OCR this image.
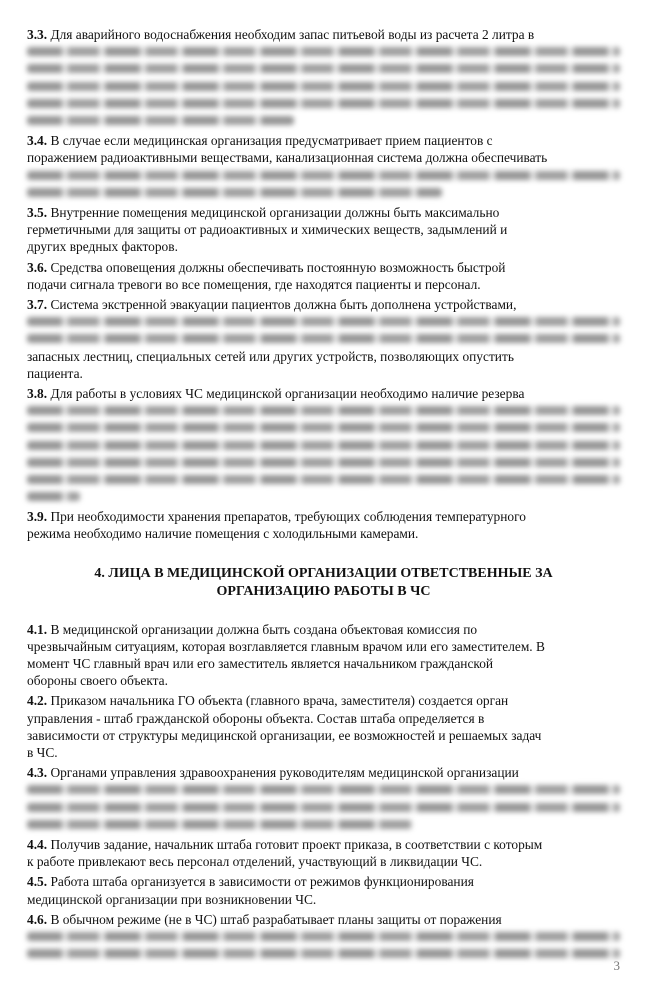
3.3. Для аварийного водоснабжения необходим запас питьевой воды из расчета 2 литра в
3.4. В случае если медицинская организация предусматривает прием пациентов с
поражением радиоактивными веществами, канализационная система должна обеспечивать
3.5. Внутренние помещения медицинской организации должны быть максимально
герметичными для защиты от радиоактивных и химических веществ, задымлений и
других вредных факторов.
3.6. Средства оповещения должны обеспечивать постоянную возможность быстрой
подачи сигнала тревоги во все помещения, где находятся пациенты и персонал.
3.7. Система экстренной эвакуации пациентов должна быть дополнена устройствами,
запасных лестниц, специальных сетей или других устройств, позволяющих опустить
пациента.
3.8. Для работы в условиях ЧС медицинской организации необходимо наличие резерва
3.9. При необходимости хранения препаратов, требующих соблюдения температурного
режима необходимо наличие помещения с холодильными камерами.
4. ЛИЦА В МЕДИЦИНСКОЙ ОРГАНИЗАЦИИ ОТВЕТСТВЕННЫЕ ЗА
ОРГАНИЗАЦИЮ РАБОТЫ В ЧС
4.1. В медицинской организации должна быть создана объектовая комиссия по
чрезвычайным ситуациям, которая возглавляется главным врачом или его заместителем. В
момент ЧС главный врач или его заместитель является начальником гражданской
обороны своего объекта.
4.2. Приказом начальника ГО объекта (главного врача, заместителя) создается орган
управления - штаб гражданской обороны объекта. Состав штаба определяется в
зависимости от структуры медицинской организации, ее возможностей и решаемых задач
в ЧС.
4.3. Органами управления здравоохранения руководителям медицинской организации
4.4. Получив задание, начальник штаба готовит проект приказа, в соответствии с которым
к работе привлекают весь персонал отделений, участвующий в ликвидации ЧС.
4.5. Работа штаба организуется в зависимости от режимов функционирования
медицинской организации при возникновении ЧС.
4.6. В обычном режиме (не в ЧС) штаб разрабатывает планы защиты от поражения
3
